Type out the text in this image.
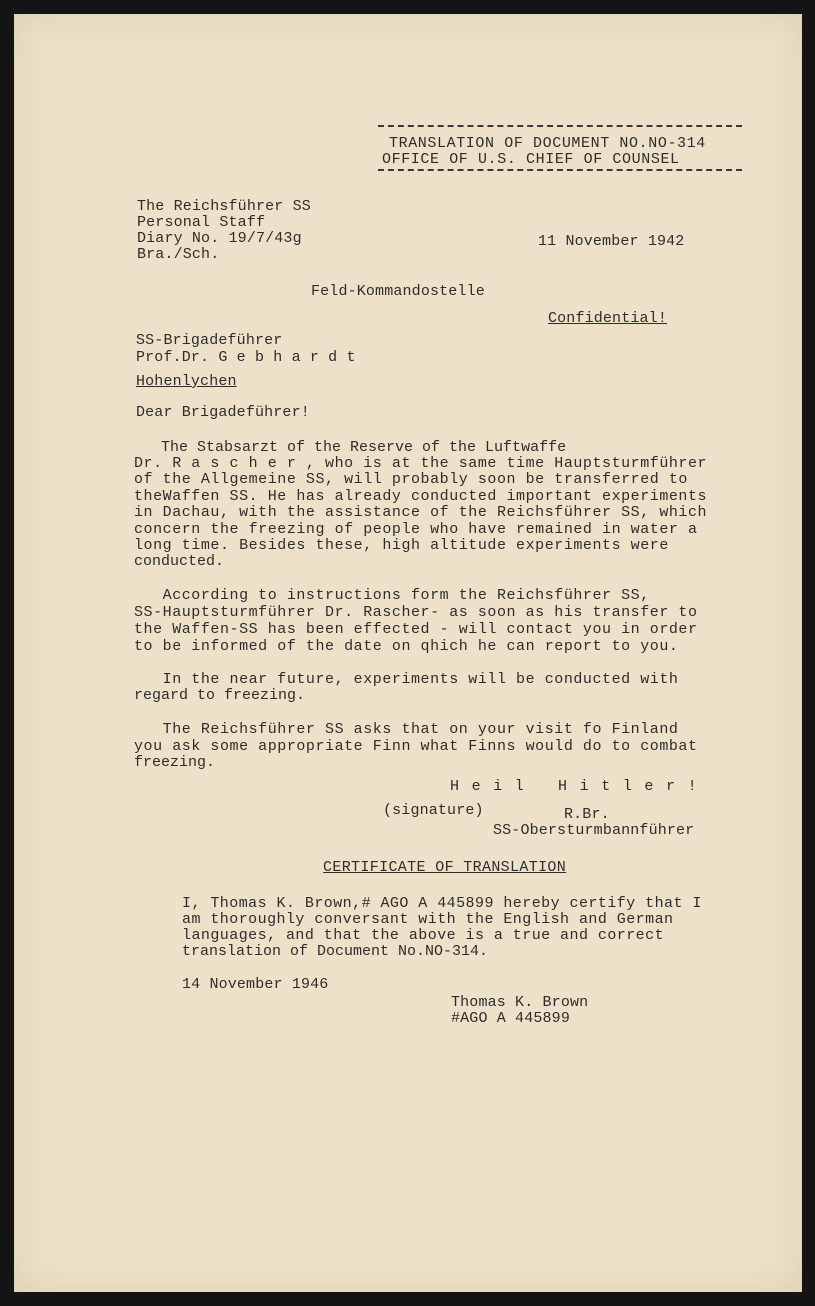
TRANSLATION OF DOCUMENT NO.NO-314
OFFICE OF U.S. CHIEF OF COUNSEL
The Reichsführer SS
Personal Staff
Diary No. 19/7/43g
Bra./Sch.
11 November 1942
Feld-Kommandostelle
Confidential!
SS-Brigadeführer
Prof.Dr. G e b h a r d t
Hohenlychen
Dear Brigadeführer!
The Stabsarzt of the Reserve of the Luftwaffe
Dr. R a s c h e r , who is at the same time Hauptsturmführer
of the Allgemeine SS, will probably soon be transferred to
theWaffen SS. He has already conducted important experiments
in Dachau, with the assistance of the Reichsführer SS, which
concern the freezing of people who have remained in water a
long time. Besides these, high altitude experiments were
conducted.
According to instructions form the Reichsführer SS,
SS-Hauptsturmführer Dr. Rascher- as soon as his transfer to
the Waffen-SS has been effected - will contact you in order
to be informed of the date on qhich he can report to you.
In the near future, experiments will be conducted with
regard to freezing.
The Reichsführer SS asks that on your visit fo Finland
you ask some appropriate Finn what Finns would do to combat
freezing.
H e i l   H i t l e r !
(signature)	R.Br.
SS-Obersturmbannführer
CERTIFICATE OF TRANSLATION
I, Thomas K. Brown,# AGO A 445899 hereby certify that I
am thoroughly conversant with the English and German
languages, and that the above is a true and correct
translation of Document No.NO-314.
14 November 1946
Thomas K. Brown
#AGO A 445899
